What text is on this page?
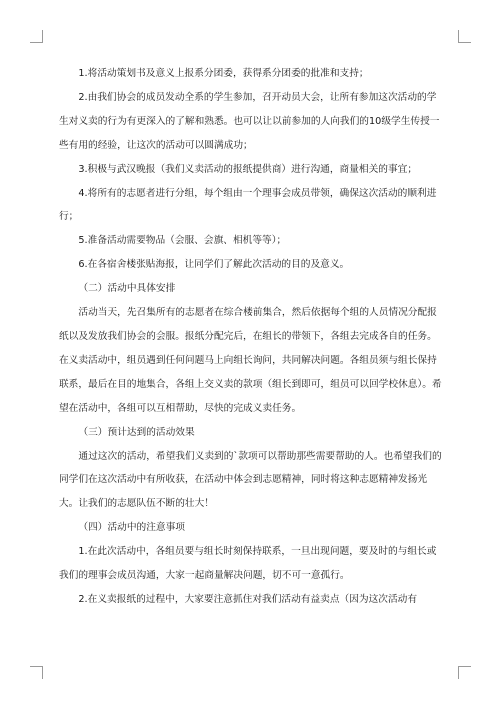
1.将活动策划书及意义上报系分团委，获得系分团委的批准和支持；

2.由我们协会的成员发动全系的学生参加，召开动员大会，让所有参加这次活动的学生对义卖的行为有更深入的了解和熟悉。也可以让以前参加的人向我们的10级学生传授一些有用的经验，让这次的活动可以圆满成功；

3.积极与武汉晚报（我们义卖活动的报纸提供商）进行沟通，商量相关的事宜；

4.将所有的志愿者进行分组，每个组由一个理事会成员带领，确保这次活动的顺利进行；

5.准备活动需要物品（会服、会旗、相机等等）；

6.在各宿舍楼张贴海报，让同学们了解此次活动的目的及意义。

（二）活动中具体安排

活动当天，先召集所有的志愿者在综合楼前集合，然后依据每个组的人员情况分配报纸以及发放我们协会的会服。报纸分配完后，在组长的带领下，各组去完成各自的任务。在义卖活动中，组员遇到任何问题马上向组长询问，共同解决问题。各组员须与组长保持联系，最后在目的地集合，各组上交义卖的款项（组长到即可，组员可以回学校休息）。希望在活动中，各组可以互相帮助，尽快的完成义卖任务。

（三）预计达到的活动效果

通过这次的活动，希望我们义卖到的`款项可以帮助那些需要帮助的人。也希望我们的同学们在这次活动中有所收获，在活动中体会到志愿精神，同时将这种志愿精神发扬光大。让我们的志愿队伍不断的壮大！

（四）活动中的注意事项

1.在此次活动中，各组员要与组长时刻保持联系，一旦出现问题，要及时的与组长或我们的理事会成员沟通，大家一起商量解决问题，切不可一意孤行。

2.在义卖报纸的过程中，大家要注意抓住对我们活动有益卖点（因为这次活动有
